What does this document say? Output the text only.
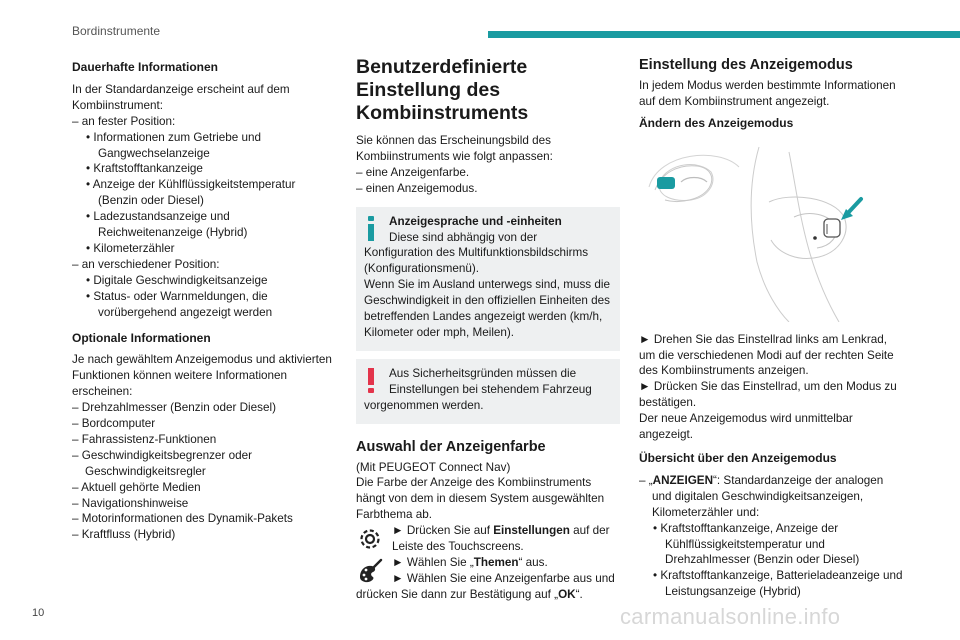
Bordinstrumente
Dauerhafte Informationen
In der Standardanzeige erscheint auf dem Kombiinstrument:
– an fester Position:
• Informationen zum Getriebe und Gangwechselanzeige
• Kraftstofftankanzeige
• Anzeige der Kühlflüssigkeitstemperatur (Benzin oder Diesel)
• Ladezustandsanzeige und Reichweitenanzeige (Hybrid)
• Kilometerzähler
– an verschiedener Position:
• Digitale Geschwindigkeitsanzeige
• Status- oder Warnmeldungen, die vorübergehend angezeigt werden
Optionale Informationen
Je nach gewähltem Anzeigemodus und aktivierten Funktionen können weitere Informationen erscheinen:
– Drehzahlmesser (Benzin oder Diesel)
– Bordcomputer
– Fahrassistenz-Funktionen
– Geschwindigkeitsbegrenzer oder Geschwindigkeitsregler
– Aktuell gehörte Medien
– Navigationshinweise
– Motorinformationen des Dynamik-Pakets
– Kraftfluss (Hybrid)
Benutzerdefinierte Einstellung des Kombiinstruments
Sie können das Erscheinungsbild des Kombiinstruments wie folgt anpassen:
– eine Anzeigenfarbe.
– einen Anzeigemodus.
Anzeigesprache und -einheiten
Diese sind abhängig von der
Konfiguration des Multifunktionsbildschirms (Konfigurationsmenü).
Wenn Sie im Ausland unterwegs sind, muss die Geschwindigkeit in den offiziellen Einheiten des betreffenden Landes angezeigt werden (km/h, Kilometer oder mph, Meilen).
Aus Sicherheitsgründen müssen die
Einstellungen bei stehendem Fahrzeug
vorgenommen werden.
Auswahl der Anzeigenfarbe
(Mit PEUGEOT Connect Nav)
Die Farbe der Anzeige des Kombiinstruments hängt von dem in diesem System ausgewählten Farbthema ab.
► Drücken Sie auf Einstellungen auf der Leiste des Touchscreens.
► Wählen Sie „Themen“ aus.
► Wählen Sie eine Anzeigenfarbe aus und
drücken Sie dann zur Bestätigung auf „OK“.
Einstellung des Anzeigemodus
In jedem Modus werden bestimmte Informationen auf dem Kombiinstrument angezeigt.
Ändern des Anzeigemodus
► Drehen Sie das Einstellrad links am Lenkrad, um die verschiedenen Modi auf der rechten Seite des Kombiinstruments anzeigen.
► Drücken Sie das Einstellrad, um den Modus zu bestätigen.
Der neue Anzeigemodus wird unmittelbar angezeigt.
Übersicht über den Anzeigemodus
– „ANZEIGEN“: Standardanzeige der analogen und digitalen Geschwindigkeitsanzeigen, Kilometerzähler und:
• Kraftstofftankanzeige, Anzeige der Kühlflüssigkeitstemperatur und Drehzahlmesser (Benzin oder Diesel)
• Kraftstofftankanzeige, Batterieladeanzeige und Leistungsanzeige (Hybrid)
10	carmanualsonline.info
